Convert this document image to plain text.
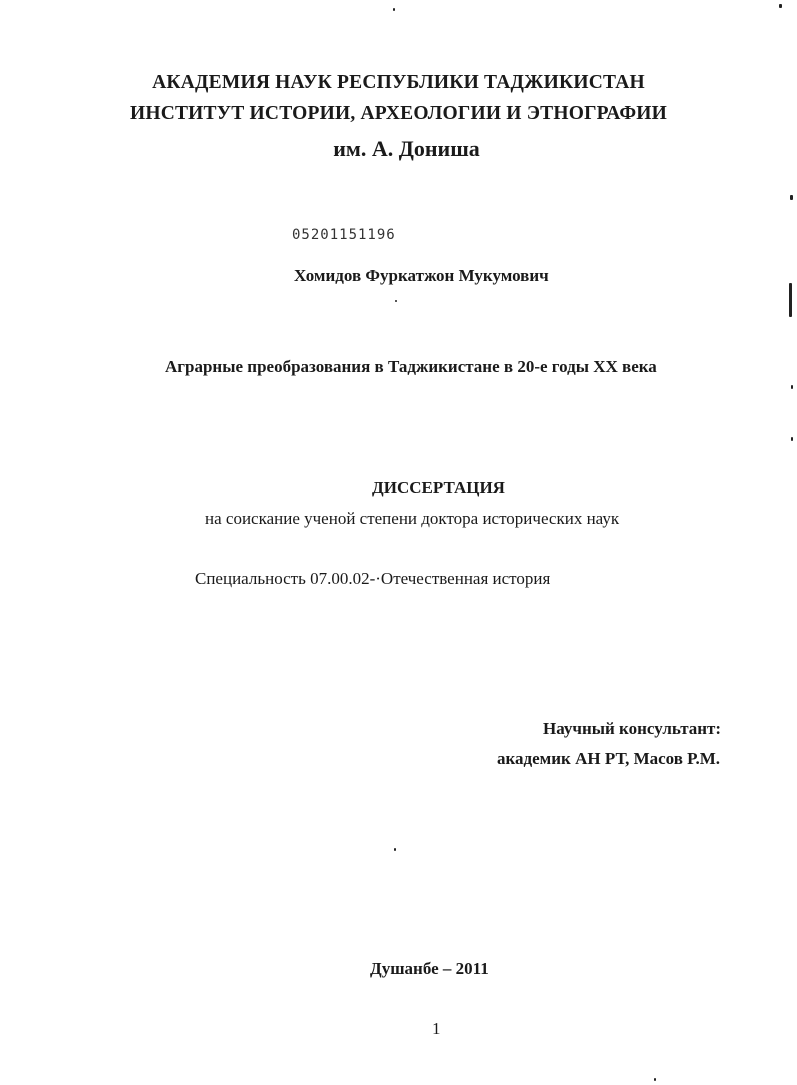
АКАДЕМИЯ НАУК РЕСПУБЛИКИ ТАДЖИКИСТАН
ИНСТИТУТ ИСТОРИИ, АРХЕОЛОГИИ И ЭТНОГРАФИИ
им. А. Дониша
05201151196
Хомидов Фуркатжон Мукумович
Аграрные преобразования в Таджикистане в 20-е годы XX века
ДИССЕРТАЦИЯ
на соискание ученой степени доктора исторических наук
Специальность 07.00.02-·Отечественная история
Научный консультант:
академик АН РТ, Масов Р.М.
Душанбе – 2011
1
